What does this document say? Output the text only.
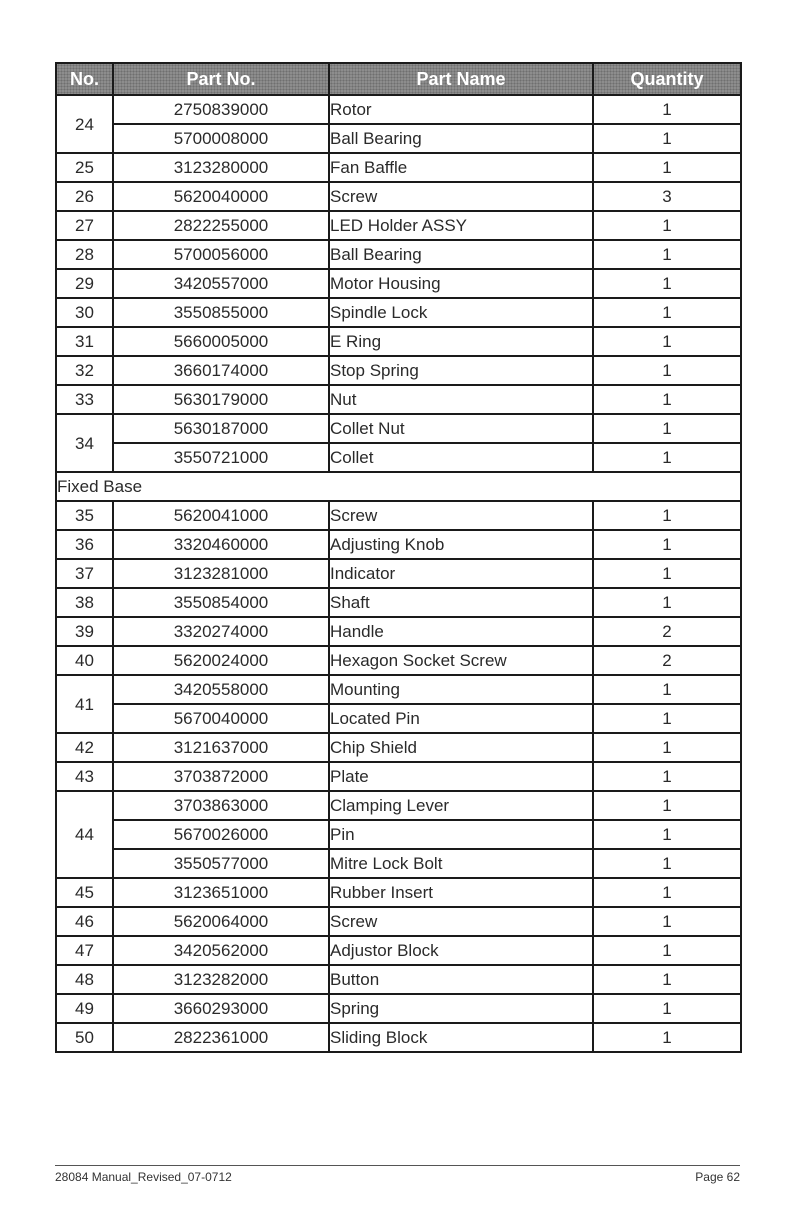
No.	Part No.	Part Name	Quantity
24	2750839000	Rotor	1
	5700008000	Ball Bearing	1
25	3123280000	Fan Baffle	1
26	5620040000	Screw	3
27	2822255000	LED Holder ASSY	1
28	5700056000	Ball Bearing	1
29	3420557000	Motor Housing	1
30	3550855000	Spindle Lock	1
31	5660005000	E Ring	1
32	3660174000	Stop Spring	1
33	5630179000	Nut	1
34	5630187000	Collet Nut	1
	3550721000	Collet	1
Fixed Base			
35	5620041000	Screw	1
36	3320460000	Adjusting Knob	1
37	3123281000	Indicator	1
38	3550854000	Shaft	1
39	3320274000	Handle	2
40	5620024000	Hexagon Socket Screw	2
41	3420558000	Mounting	1
	5670040000	Located Pin	1
42	3121637000	Chip Shield	1
43	3703872000	Plate	1
44	3703863000	Clamping Lever	1
	5670026000	Pin	1
	3550577000	Mitre Lock Bolt	1
45	3123651000	Rubber Insert	1
46	5620064000	Screw	1
47	3420562000	Adjustor Block	1
48	3123282000	Button	1
49	3660293000	Spring	1
50	2822361000	Sliding Block	1
28084 Manual_Revised_07-0712	Page 62
